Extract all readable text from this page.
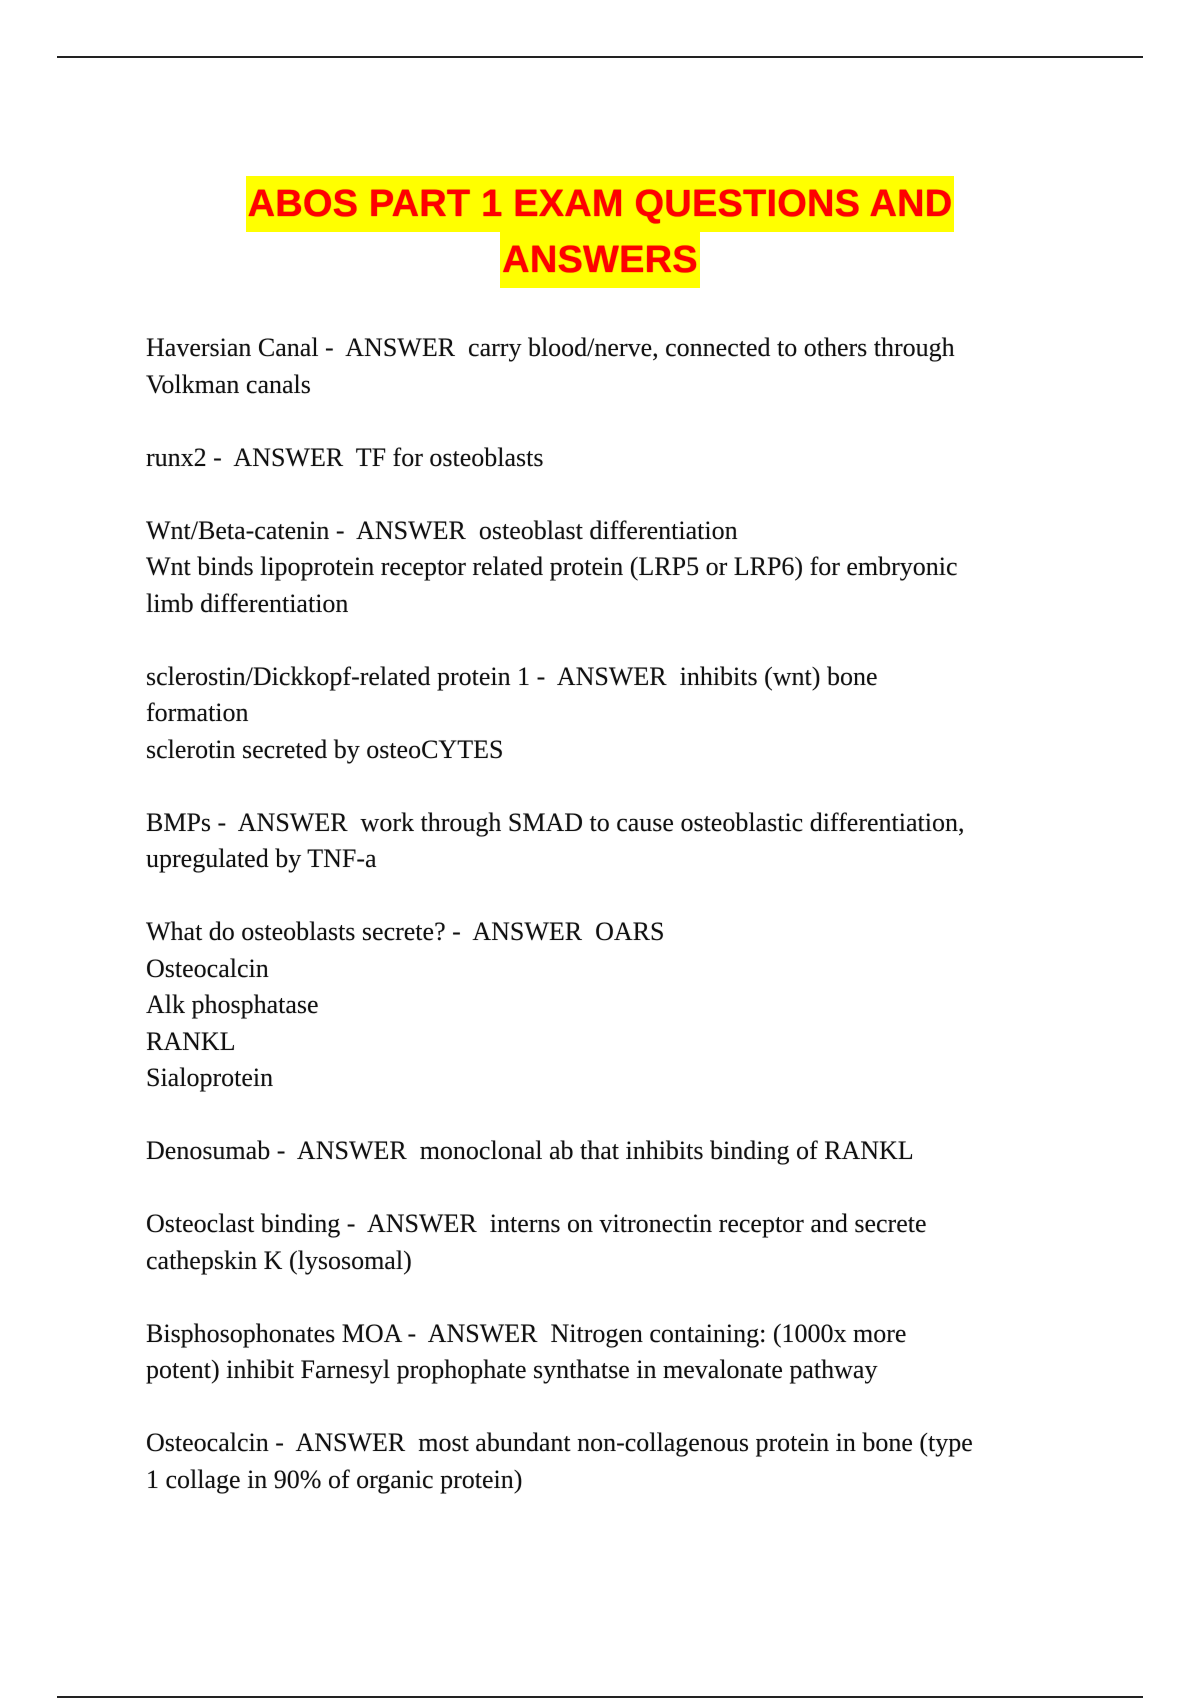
ABOS PART 1 EXAM QUESTIONS AND
ANSWERS
Haversian Canal -  ANSWER  carry blood/nerve, connected to others through
Volkman canals
runx2 -  ANSWER  TF for osteoblasts
Wnt/Beta-catenin -  ANSWER  osteoblast differentiation
Wnt binds lipoprotein receptor related protein (LRP5 or LRP6) for embryonic
limb differentiation
sclerostin/Dickkopf-related protein 1 -  ANSWER  inhibits (wnt) bone
formation
sclerotin secreted by osteoCYTES
BMPs -  ANSWER  work through SMAD to cause osteoblastic differentiation,
upregulated by TNF-a
What do osteoblasts secrete? -  ANSWER  OARS
Osteocalcin
Alk phosphatase
RANKL
Sialoprotein
Denosumab -  ANSWER  monoclonal ab that inhibits binding of RANKL
Osteoclast binding -  ANSWER  interns on vitronectin receptor and secrete
cathepskin K (lysosomal)
Bisphosophonates MOA -  ANSWER  Nitrogen containing: (1000x more
potent) inhibit Farnesyl prophophate synthatse in mevalonate pathway
Osteocalcin -  ANSWER  most abundant non-collagenous protein in bone (type
1 collage in 90% of organic protein)
